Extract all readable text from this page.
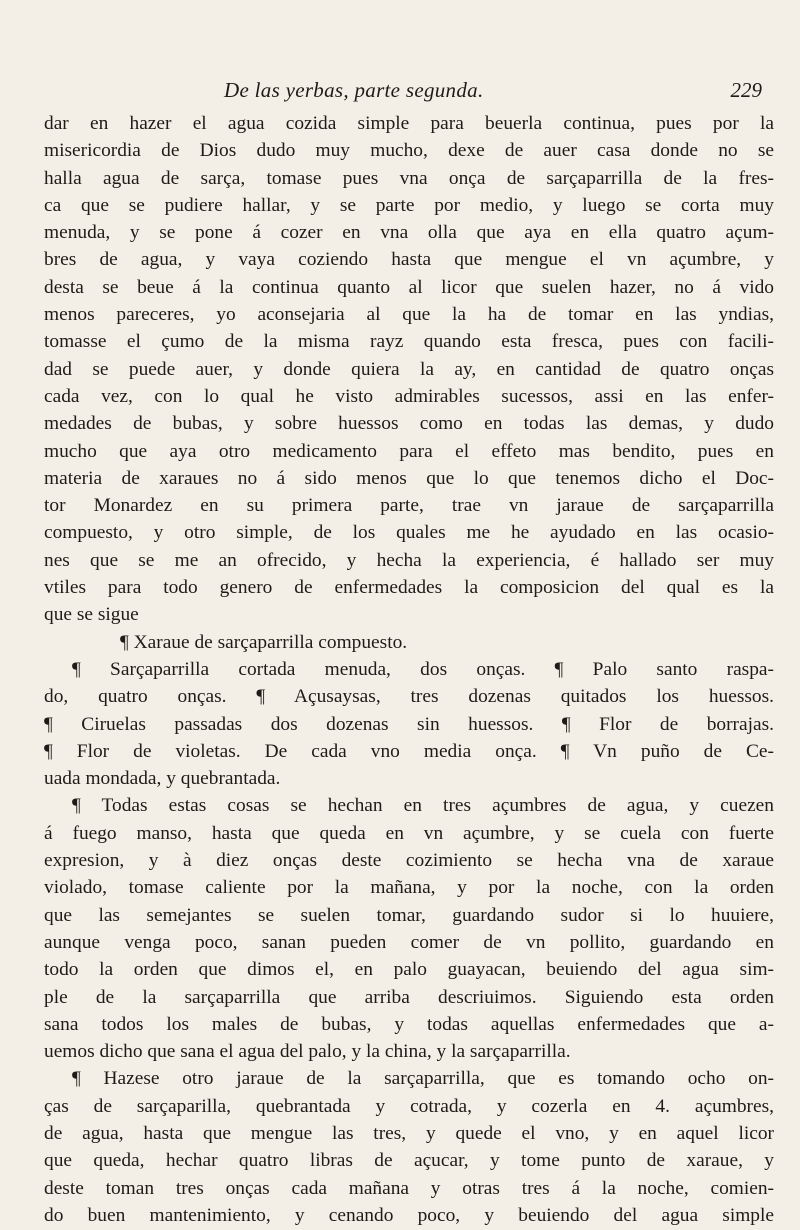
De las yerbas, parte segunda.	229
dar en hazer el agua cozida simple para beuerla continua, pues por la
misericordia de Dios dudo muy mucho, dexe de auer casa donde no se
halla agua de sarça, tomase pues vna onça de sarçaparrilla de la fres-
ca que se pudiere hallar, y se parte por medio, y luego se corta muy
menuda, y se pone á cozer en vna olla que aya en ella quatro açum-
bres de agua, y vaya coziendo hasta que mengue el vn açumbre, y
desta se beue á la continua quanto al licor que suelen hazer, no á vido
menos pareceres, yo aconsejaria al que la ha de tomar en las yndias,
tomasse el çumo de la misma rayz quando esta fresca, pues con facili-
dad se puede auer, y donde quiera la ay, en cantidad de quatro onças
cada vez, con lo qual he visto admirables sucessos, assi en las enfer-
medades de bubas, y sobre huessos como en todas las demas, y dudo
mucho que aya otro medicamento para el effeto mas bendito, pues en
materia de xaraues no á sido menos que lo que tenemos dicho el Doc-
tor Monardez en su primera parte, trae vn jaraue de sarçaparrilla
compuesto, y otro simple, de los quales me he ayudado en las ocasio-
nes que se me an ofrecido, y hecha la experiencia, é hallado ser muy
vtiles para todo genero de enfermedades la composicion del qual es la
que se sigue
¶ Xaraue de sarçaparrilla compuesto.
¶ Sarçaparrilla cortada menuda, dos onças. ¶ Palo santo raspa-
do, quatro onças. ¶ Açusaysas, tres dozenas quitados los huessos.
¶ Ciruelas passadas dos dozenas sin huessos. ¶ Flor de borrajas.
¶ Flor de violetas. De cada vno media onça. ¶ Vn puño de Ce-
uada mondada, y quebrantada.
¶ Todas estas cosas se hechan en tres açumbres de agua, y cuezen
á fuego manso, hasta que queda en vn açumbre, y se cuela con fuerte
expresion, y à diez onças deste cozimiento se hecha vna de xaraue
violado, tomase caliente por la mañana, y por la noche, con la orden
que las semejantes se suelen tomar, guardando sudor si lo huuiere,
aunque venga poco, sanan pueden comer de vn pollito, guardando en
todo la orden que dimos el, en palo guayacan, beuiendo del agua sim-
ple de la sarçaparrilla que arriba descriuimos. Siguiendo esta orden
sana todos los males de bubas, y todas aquellas enfermedades que a-
uemos dicho que sana el agua del palo, y la china, y la sarçaparrilla.
¶ Hazese otro jaraue de la sarçaparrilla, que es tomando ocho on-
ças de sarçaparilla, quebrantada y cotrada, y cozerla en 4. açumbres,
de agua, hasta que mengue las tres, y quede el vno, y en aquel licor
que queda, hechar quatro libras de açucar, y tome punto de xaraue, y
deste toman tres onças cada mañana y otras tres á la noche, comien-
do buen mantenimiento, y cenando poco, y beuiendo del agua simple
